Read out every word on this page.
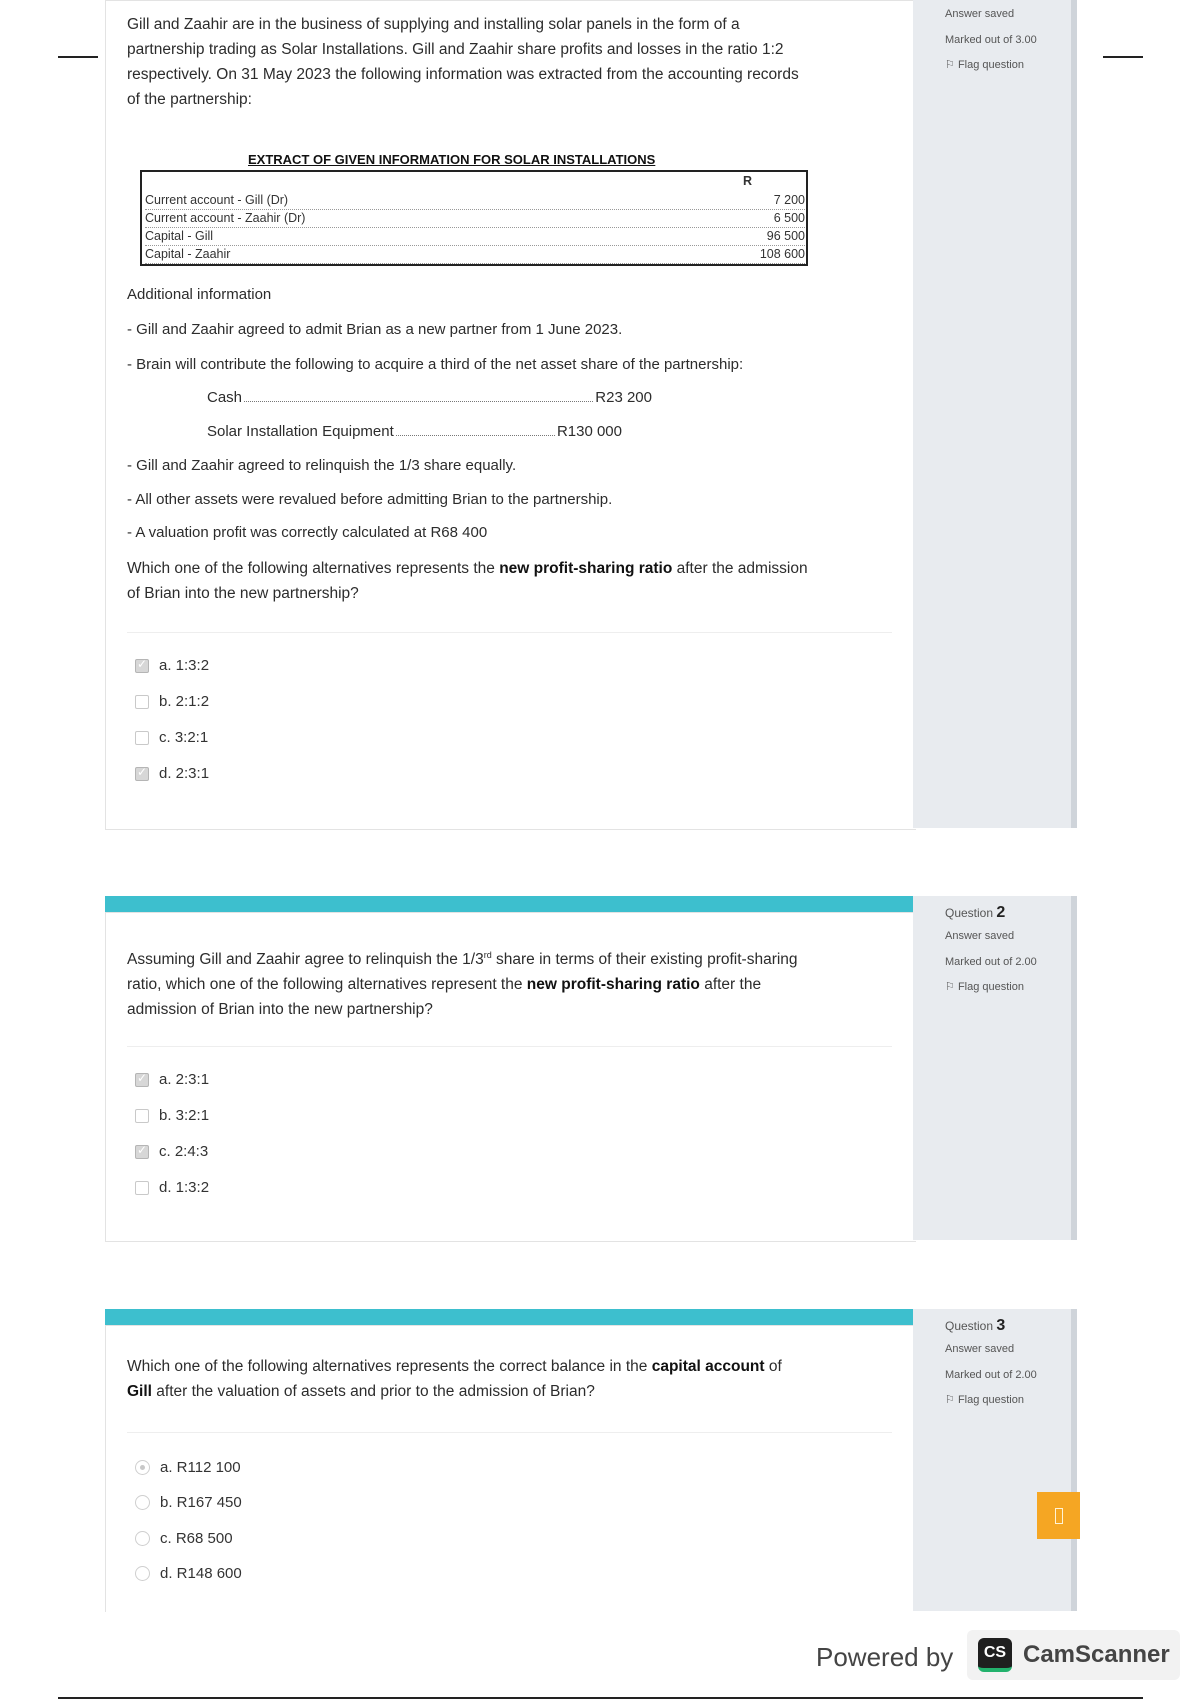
Answer saved
Marked out of 3.00
⚐ Flag question
Gill and Zaahir are in the business of supplying and installing solar panels in the form of a
partnership trading as Solar Installations. Gill and Zaahir share profits and losses in the ratio 1:2
respectively. On 31 May 2023 the following information was extracted from the accounting records
of the partnership:
EXTRACT OF GIVEN INFORMATION FOR SOLAR INSTALLATIONS
R
Current account - Gill (Dr)	7 200
Current account - Zaahir (Dr)	6 500
Capital - Gill	96 500
Capital - Zaahir	108 600
Additional information
- Gill and Zaahir agreed to admit Brian as a new partner from 1 June 2023.
- Brain will contribute the following to acquire a third of the net asset share of the partnership:
Cash	R23 200
Solar Installation Equipment	R130 000
- Gill and Zaahir agreed to relinquish the 1/3 share equally.
- All other assets were revalued before admitting Brian to the partnership.
- A valuation profit was correctly calculated at R68 400
Which one of the following alternatives represents the new profit-sharing ratio after the admission
of Brian into the new partnership?
✓
a. 1:3:2
b. 2:1:2
c. 3:2:1
✓
d. 2:3:1
Question 2
Answer saved
Marked out of 2.00
⚐ Flag question
Assuming Gill and Zaahir agree to relinquish the 1/3rd share in terms of their existing profit-sharing
ratio, which one of the following alternatives represent the new profit-sharing ratio after the
admission of Brian into the new partnership?
✓
a. 2:3:1
b. 3:2:1
✓
c. 2:4:3
d. 1:3:2
Question 3
Answer saved
Marked out of 2.00
⚐ Flag question
Which one of the following alternatives represents the correct balance in the capital account of
Gill after the valuation of assets and prior to the admission of Brian?
a. R112 100
b. R167 450
c. R68 500
d. R148 600
Powered by	CS CamScanner
